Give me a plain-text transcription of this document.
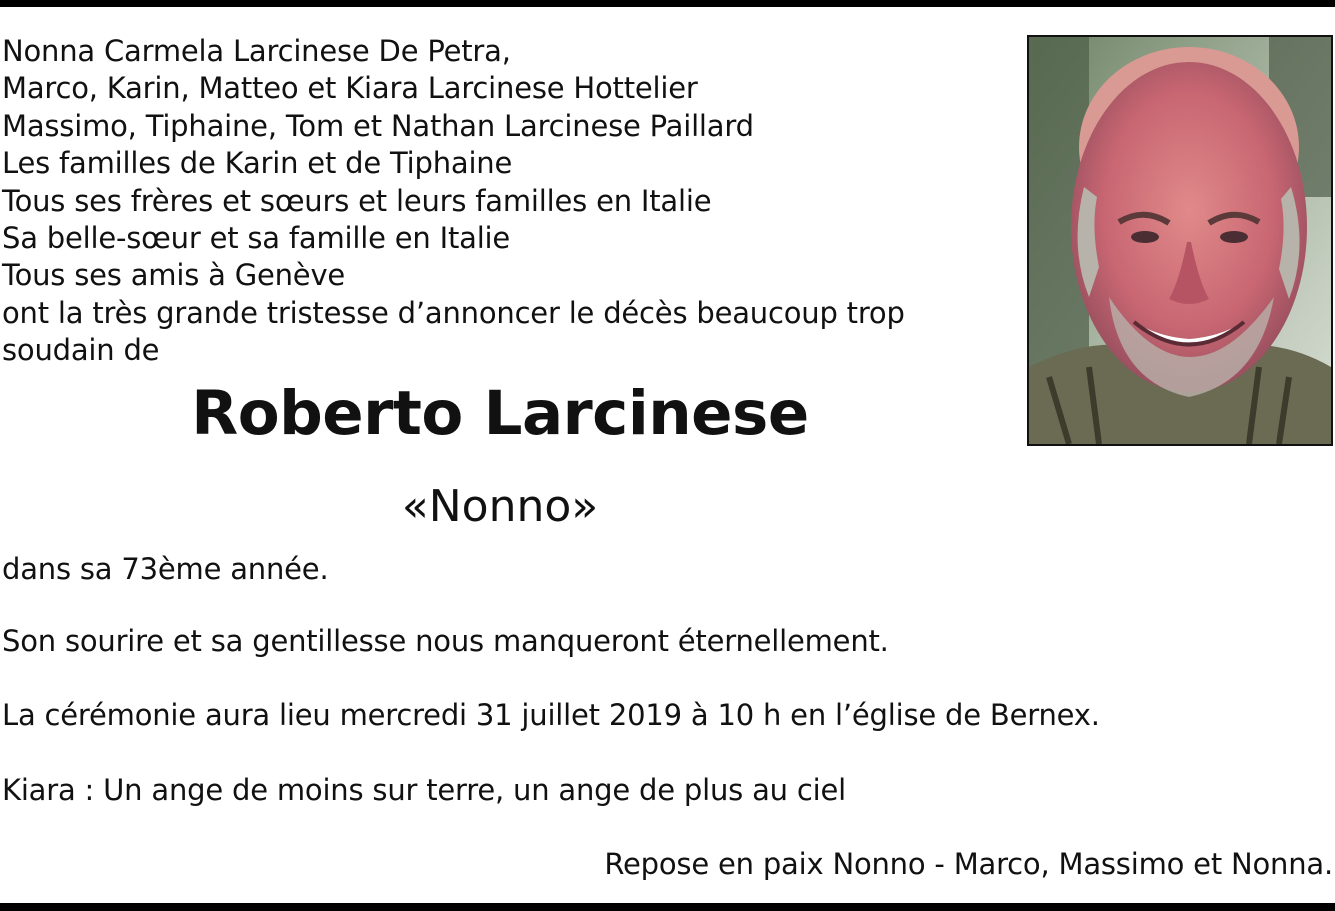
Nonna Carmela Larcinese De Petra,
Marco, Karin, Matteo et Kiara Larcinese Hottelier
Massimo, Tiphaine, Tom et Nathan Larcinese Paillard
Les familles de Karin et de Tiphaine
Tous ses frères et sœurs et leurs familles en Italie
Sa belle-sœur et sa famille en Italie
Tous ses amis à Genève
ont la très grande tristesse d’annoncer le décès beaucoup trop
soudain de
Roberto Larcinese
«Nonno»
dans sa 73ème année.
Son sourire et sa gentillesse nous manqueront éternellement.
La cérémonie aura lieu mercredi 31 juillet 2019 à 10 h en l’église de Bernex.
Kiara : Un ange de moins sur terre, un ange de plus au ciel
Repose en paix Nonno - Marco, Massimo et Nonna.
